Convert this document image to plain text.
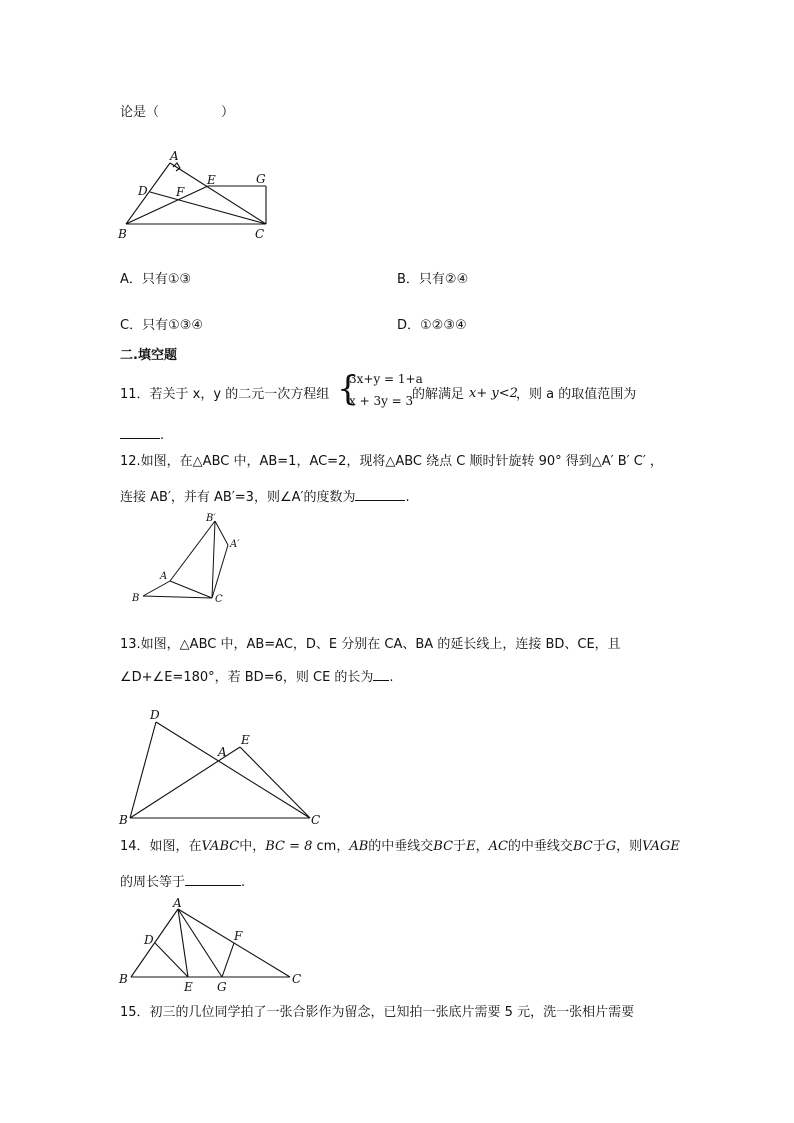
论是（	）
A
D F
E	G
B	C
A．只有①③	B．只有②④
C．只有①③④	D．①②③④
二.填空题
11．若关于 x，y 的二元一次方程组 {
3x+y = 1+a
x + 3y = 3
的解满足 x+ y<2
，则 a 的取值范围为
.
12.如图，在△ABC 中，AB=1，AC=2，现将△ABC 绕点 C 顺时针旋转 90° 得到△A′ B′ C′ ，
连接 AB′，并有 AB′=3，则∠A′的度数为	.
B′
A′
A
B	C
13.如图，△ABC 中，AB=AC，D、E 分别在 CA、BA 的延长线上，连接 BD、CE，且
∠D+∠E=180°，若 BD=6，则 CE 的长为 .
D
E
A
B	C
14．如图，在VABC中，BC = 8 cm，AB的中垂线交BC于E，AC的中垂线交BC于G，则VAGE
的周长等于	.
A
D	F
B
E G
C
15．初三的几位同学拍了一张合影作为留念，已知拍一张底片需要 5 元，洗一张相片需要
